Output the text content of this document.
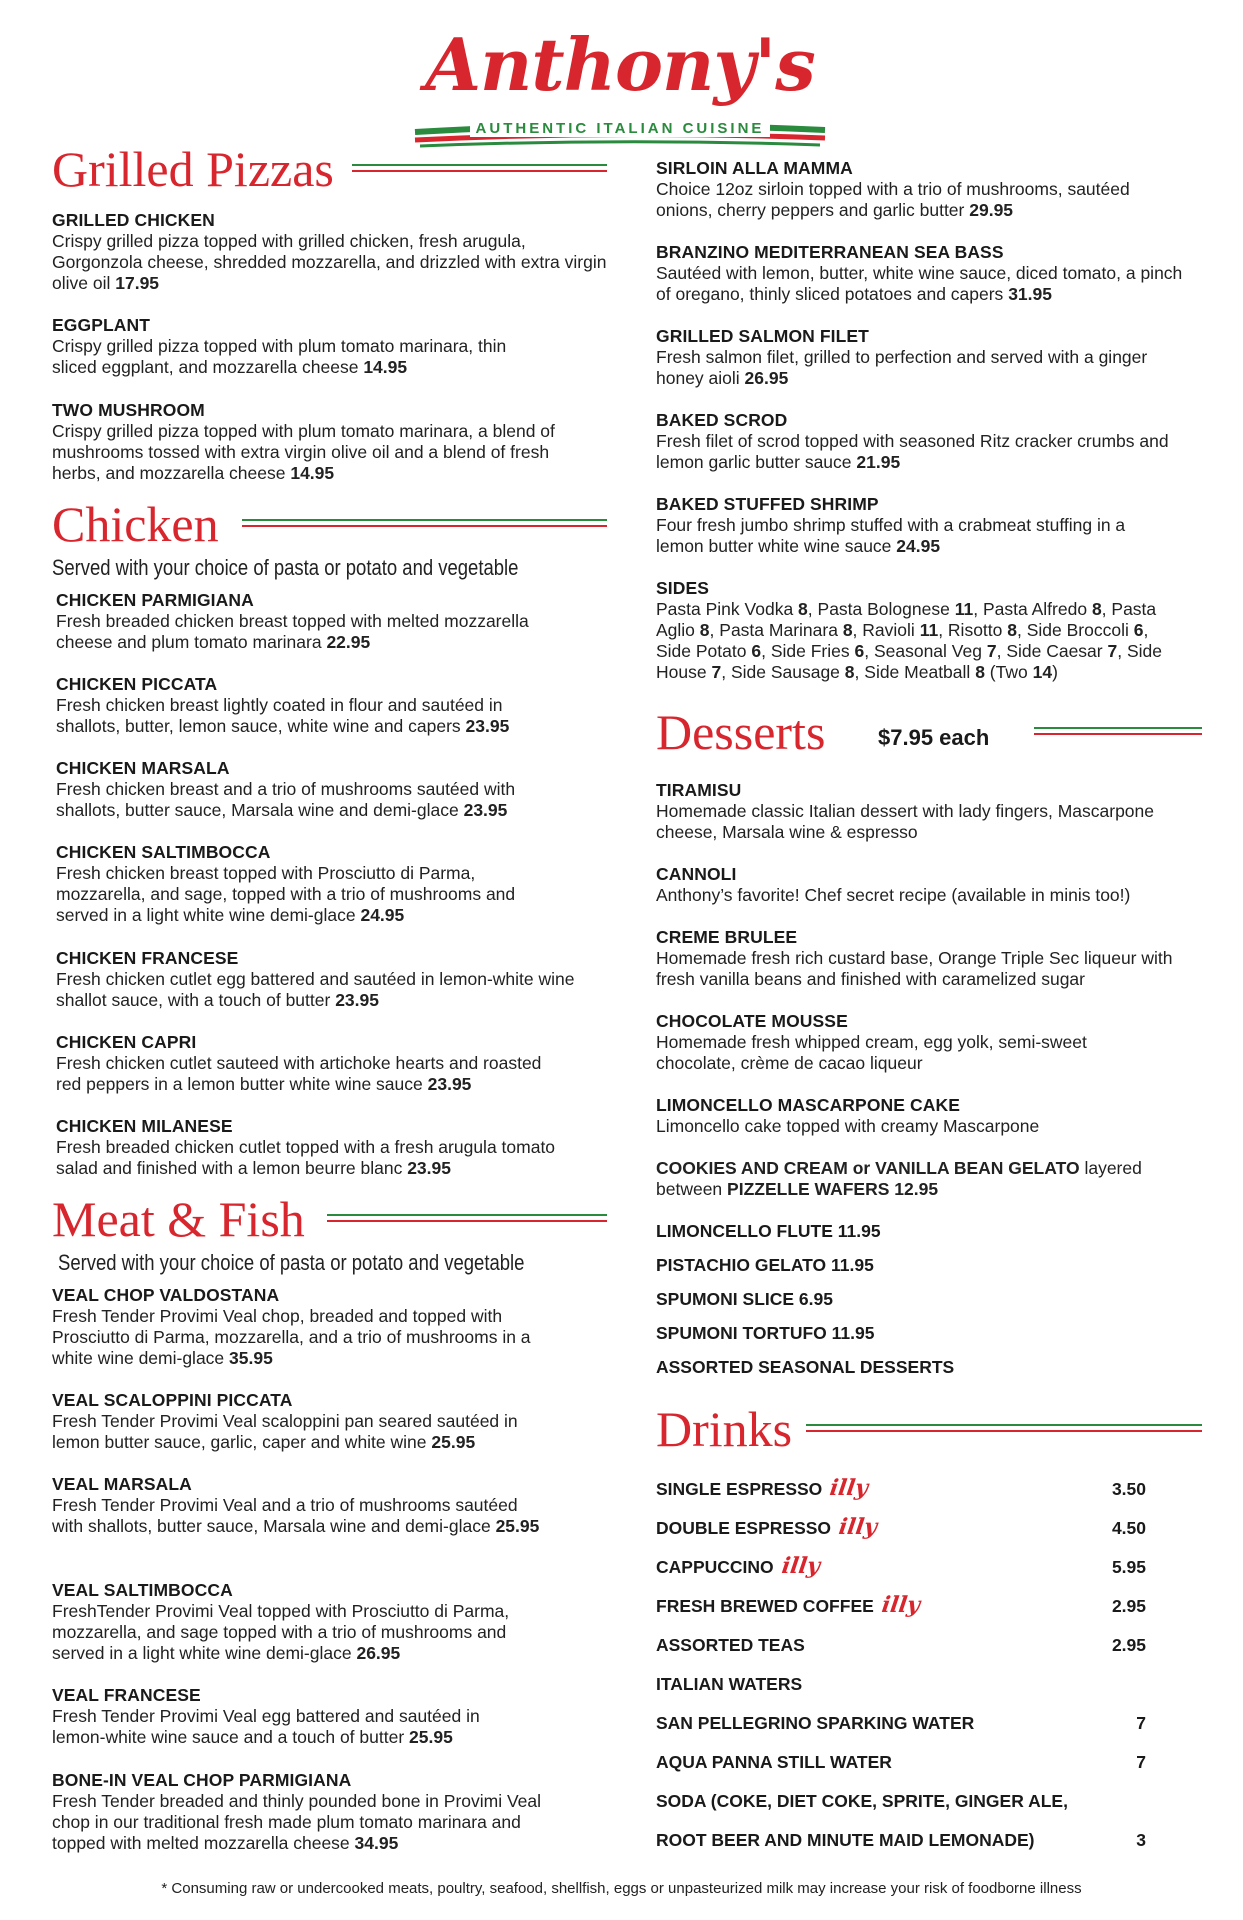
Anthony's
AUTHENTIC ITALIAN CUISINE
Grilled Pizzas
GRILLED CHICKEN
Crispy grilled pizza topped with grilled chicken, fresh arugula, Gorgonzola cheese, shredded mozzarella, and drizzled with extra virgin olive oil 17.95
EGGPLANT
Crispy grilled pizza topped with plum tomato marinara, thin sliced eggplant, and mozzarella cheese 14.95
TWO MUSHROOM
Crispy grilled pizza topped with plum tomato marinara, a blend of mushrooms tossed with extra virgin olive oil and a blend of fresh herbs, and mozzarella cheese 14.95
Chicken
Served with your choice of pasta or potato and vegetable
CHICKEN PARMIGIANA
Fresh breaded chicken breast topped with melted mozzarella cheese and plum tomato marinara 22.95
CHICKEN PICCATA
Fresh chicken breast lightly coated in flour and sautéed in shallots, butter, lemon sauce, white wine and capers 23.95
CHICKEN MARSALA
Fresh chicken breast and a trio of mushrooms sautéed with shallots, butter sauce, Marsala wine and demi-glace 23.95
CHICKEN SALTIMBOCCA
Fresh chicken breast topped with Prosciutto di Parma, mozzarella, and sage, topped with a trio of mushrooms and served in a light white wine demi-glace 24.95
CHICKEN FRANCESE
Fresh chicken cutlet egg battered and sautéed in lemon-white wine shallot sauce, with a touch of butter 23.95
CHICKEN CAPRI
Fresh chicken cutlet sauteed with artichoke hearts and roasted red peppers in a lemon butter white wine sauce 23.95
CHICKEN MILANESE
Fresh breaded chicken cutlet topped with a fresh arugula tomato salad and finished with a lemon beurre blanc 23.95
Meat & Fish
Served with your choice of pasta or potato and vegetable
VEAL CHOP VALDOSTANA
Fresh Tender Provimi Veal chop, breaded and topped with Prosciutto di Parma, mozzarella, and a trio of mushrooms in a white wine demi-glace 35.95
VEAL SCALOPPINI PICCATA
Fresh Tender Provimi Veal scaloppini pan seared sautéed in lemon butter sauce, garlic, caper and white wine 25.95
VEAL MARSALA
Fresh Tender Provimi Veal and a trio of mushrooms sautéed with shallots, butter sauce, Marsala wine and demi-glace 25.95
VEAL SALTIMBOCCA
FreshTender Provimi Veal topped with Prosciutto di Parma, mozzarella, and sage topped with a trio of mushrooms and served in a light white wine demi-glace 26.95
VEAL FRANCESE
Fresh Tender Provimi Veal egg battered and sautéed in lemon-white wine sauce and a touch of butter 25.95
BONE-IN VEAL CHOP PARMIGIANA
Fresh Tender breaded and thinly pounded bone in Provimi Veal chop in our traditional fresh made plum tomato marinara and topped with melted mozzarella cheese 34.95
SIRLOIN ALLA MAMMA
Choice 12oz sirloin topped with a trio of mushrooms, sautéed onions, cherry peppers and garlic butter 29.95
BRANZINO MEDITERRANEAN SEA BASS
Sautéed with lemon, butter, white wine sauce, diced tomato, a pinch of oregano, thinly sliced potatoes and capers 31.95
GRILLED SALMON FILET
Fresh salmon filet, grilled to perfection and served with a ginger honey aioli 26.95
BAKED SCROD
Fresh filet of scrod topped with seasoned Ritz cracker crumbs and lemon garlic butter sauce 21.95
BAKED STUFFED SHRIMP
Four fresh jumbo shrimp stuffed with a crabmeat stuffing in a lemon butter white wine sauce 24.95
SIDES
Pasta Pink Vodka 8, Pasta Bolognese 11, Pasta Alfredo 8, Pasta Aglio 8, Pasta Marinara 8, Ravioli 11, Risotto 8, Side Broccoli 6, Side Potato 6, Side Fries 6, Seasonal Veg 7, Side Caesar 7, Side House 7, Side Sausage 8, Side Meatball 8 (Two 14)
Desserts $7.95 each
TIRAMISU
Homemade classic Italian dessert with lady fingers, Mascarpone cheese, Marsala wine & espresso
CANNOLI
Anthony’s favorite! Chef secret recipe (available in minis too!)
CREME BRULEE
Homemade fresh rich custard base, Orange Triple Sec liqueur with fresh vanilla beans and finished with caramelized sugar
CHOCOLATE MOUSSE
Homemade fresh whipped cream, egg yolk, semi-sweet chocolate, crème de cacao liqueur
LIMONCELLO MASCARPONE CAKE
Limoncello cake topped with creamy Mascarpone
COOKIES AND CREAM or VANILLA BEAN GELATO layered between PIZZELLE WAFERS 12.95
LIMONCELLO FLUTE 11.95
PISTACHIO GELATO 11.95
SPUMONI SLICE 6.95
SPUMONI TORTUFO 11.95
ASSORTED SEASONAL DESSERTS
Drinks
SINGLE ESPRESSO illy	3.50
DOUBLE ESPRESSO illy	4.50
CAPPUCCINO illy	5.95
FRESH BREWED COFFEE illy	2.95
ASSORTED TEAS	2.95
ITALIAN WATERS
SAN PELLEGRINO SPARKING WATER	7
AQUA PANNA STILL WATER	7
SODA (COKE, DIET COKE, SPRITE, GINGER ALE,
ROOT BEER AND MINUTE MAID LEMONADE)	3
* Consuming raw or undercooked meats, poultry, seafood, shellfish, eggs or unpasteurized milk may increase your risk of foodborne illness
